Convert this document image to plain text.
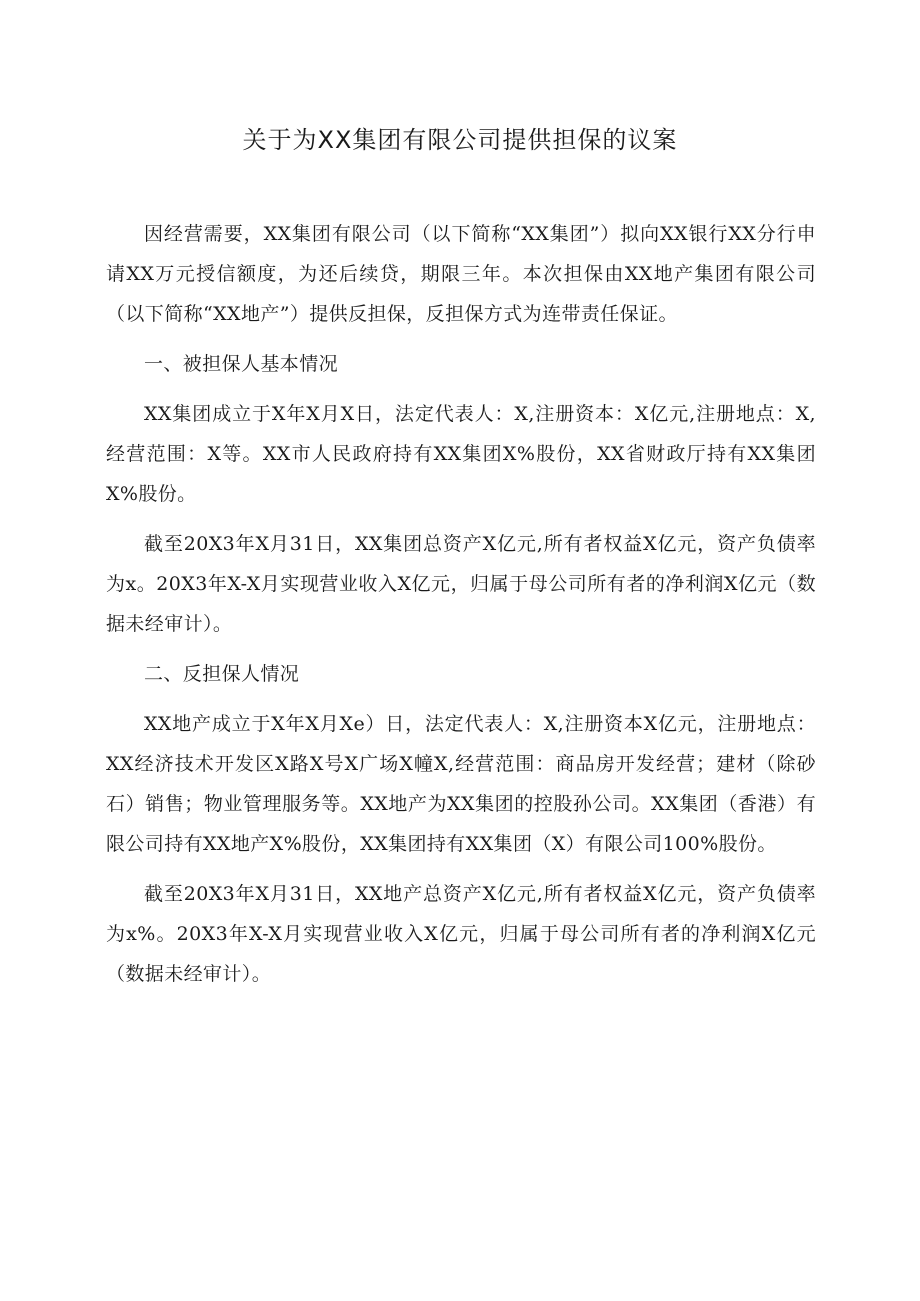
关于为XX集团有限公司提供担保的议案

因经营需要，XX集团有限公司（以下简称“XX集团”）拟向XX银行XX分行申请XX万元授信额度，为还后续贷，期限三年。本次担保由XX地产集团有限公司（以下简称“XX地产”）提供反担保，反担保方式为连带责任保证。

一、被担保人基本情况

XX集团成立于X年X月X日，法定代表人：X,注册资本：X亿元,注册地点：X,经营范围：X等。XX市人民政府持有XX集团X%股份，XX省财政厅持有XX集团X%股份。

截至20X3年X月31日，XX集团总资产X亿元,所有者权益X亿元，资产负债率为x。20X3年X-X月实现营业收入X亿元，归属于母公司所有者的净利润X亿元（数据未经审计）。

二、反担保人情况

XX地产成立于X年X月Xe）日，法定代表人：X,注册资本X亿元，注册地点：XX经济技术开发区X路X号X广场X幢X,经营范围：商品房开发经营；建材（除砂石）销售；物业管理服务等。XX地产为XX集团的控股孙公司。XX集团（香港）有限公司持有XX地产X%股份，XX集团持有XX集团（X）有限公司100%股份。

截至20X3年X月31日，XX地产总资产X亿元,所有者权益X亿元，资产负债率为x%。20X3年X-X月实现营业收入X亿元，归属于母公司所有者的净利润X亿元（数据未经审计）。
